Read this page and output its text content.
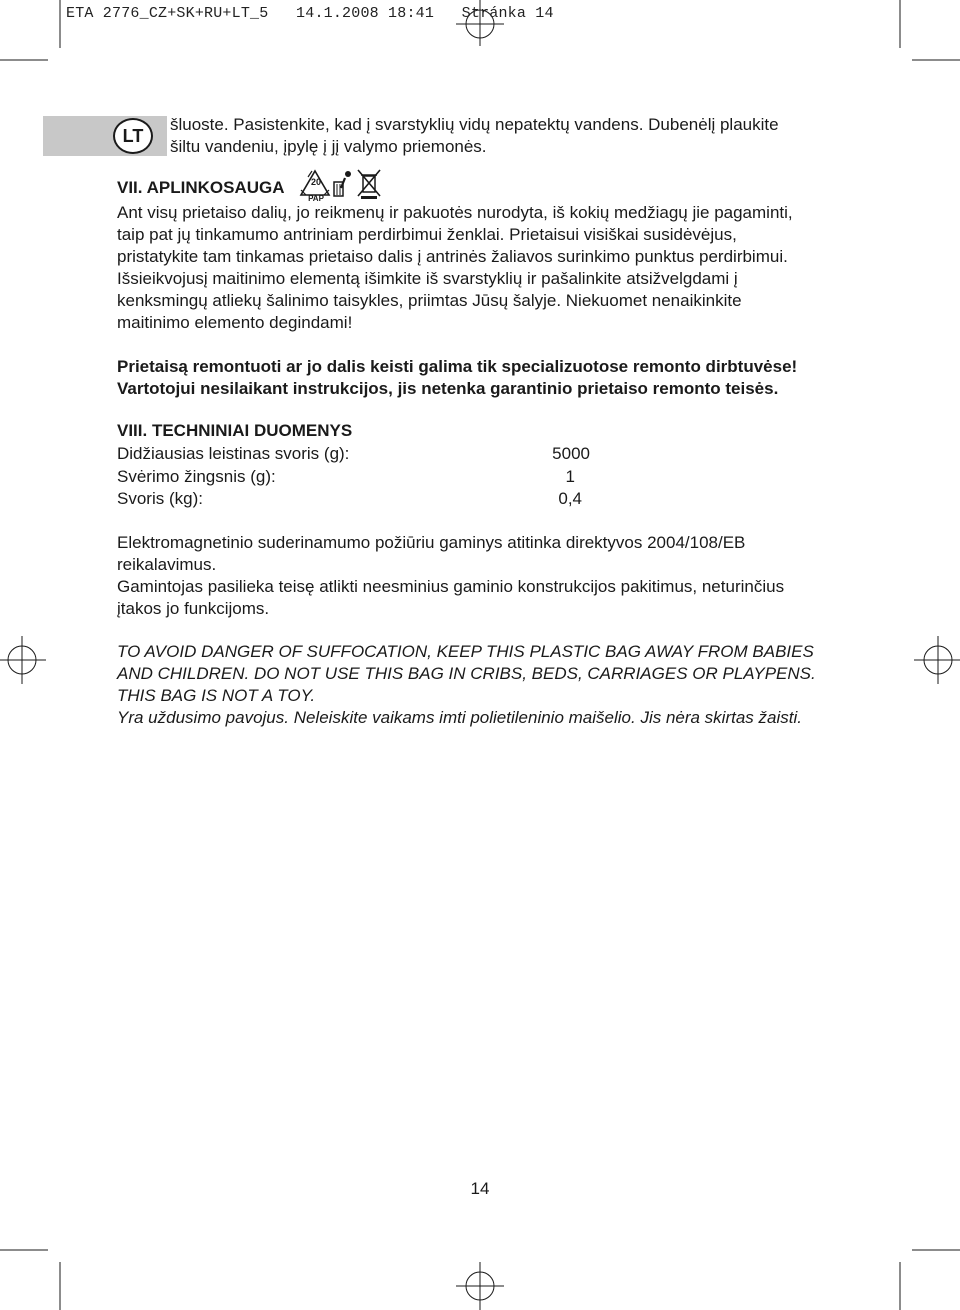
ETA 2776_CZ+SK+RU+LT_5   14.1.2008 18:41   Stránka 14
LT
šluoste. Pasistenkite, kad į svarstyklių vidų nepatektų vandens. Dubenėlį plaukite
šiltu vandeniu, įpylę į jį valymo priemonės.
VII. APLINKOSAUGA	20
PAP
Ant visų prietaiso dalių, jo reikmenų ir pakuotės nurodyta, iš kokių medžiagų jie pagaminti,
taip pat jų tinkamumo antriniam perdirbimui ženklai. Prietaisui visiškai susidėvėjus,
pristatykite tam tinkamas prietaiso dalis į antrinės žaliavos surinkimo punktus perdirbimui.
Išsieikvojusį maitinimo elementą išimkite iš svarstyklių ir pašalinkite atsižvelgdami į
kenksmingų atliekų šalinimo taisykles, priimtas Jūsų šalyje. Niekuomet nenaikinkite
maitinimo elemento degindami!
Prietaisą remontuoti ar jo dalis keisti galima tik specializuotose remonto dirbtuvėse!
Vartotojui nesilaikant instrukcijos, jis netenka garantinio prietaiso remonto teisės.
VIII. TECHNINIAI DUOMENYS
Didžiausias leistinas svoris (g):	5000
Svėrimo žingsnis (g):	1
Svoris (kg):	0,4
Elektromagnetinio suderinamumo požiūriu gaminys atitinka direktyvos 2004/108/EB
reikalavimus.
Gamintojas pasilieka teisę atlikti neesminius gaminio konstrukcijos pakitimus, neturinčius
įtakos jo funkcijoms.
TO AVOID DANGER OF SUFFOCATION, KEEP THIS PLASTIC BAG AWAY FROM BABIES
AND CHILDREN. DO NOT USE THIS BAG IN CRIBS, BEDS, CARRIAGES OR PLAYPENS.
THIS BAG IS NOT A TOY.
Yra uždusimo pavojus. Neleiskite vaikams imti polietileninio maišelio. Jis nėra skirtas žaisti.
14
